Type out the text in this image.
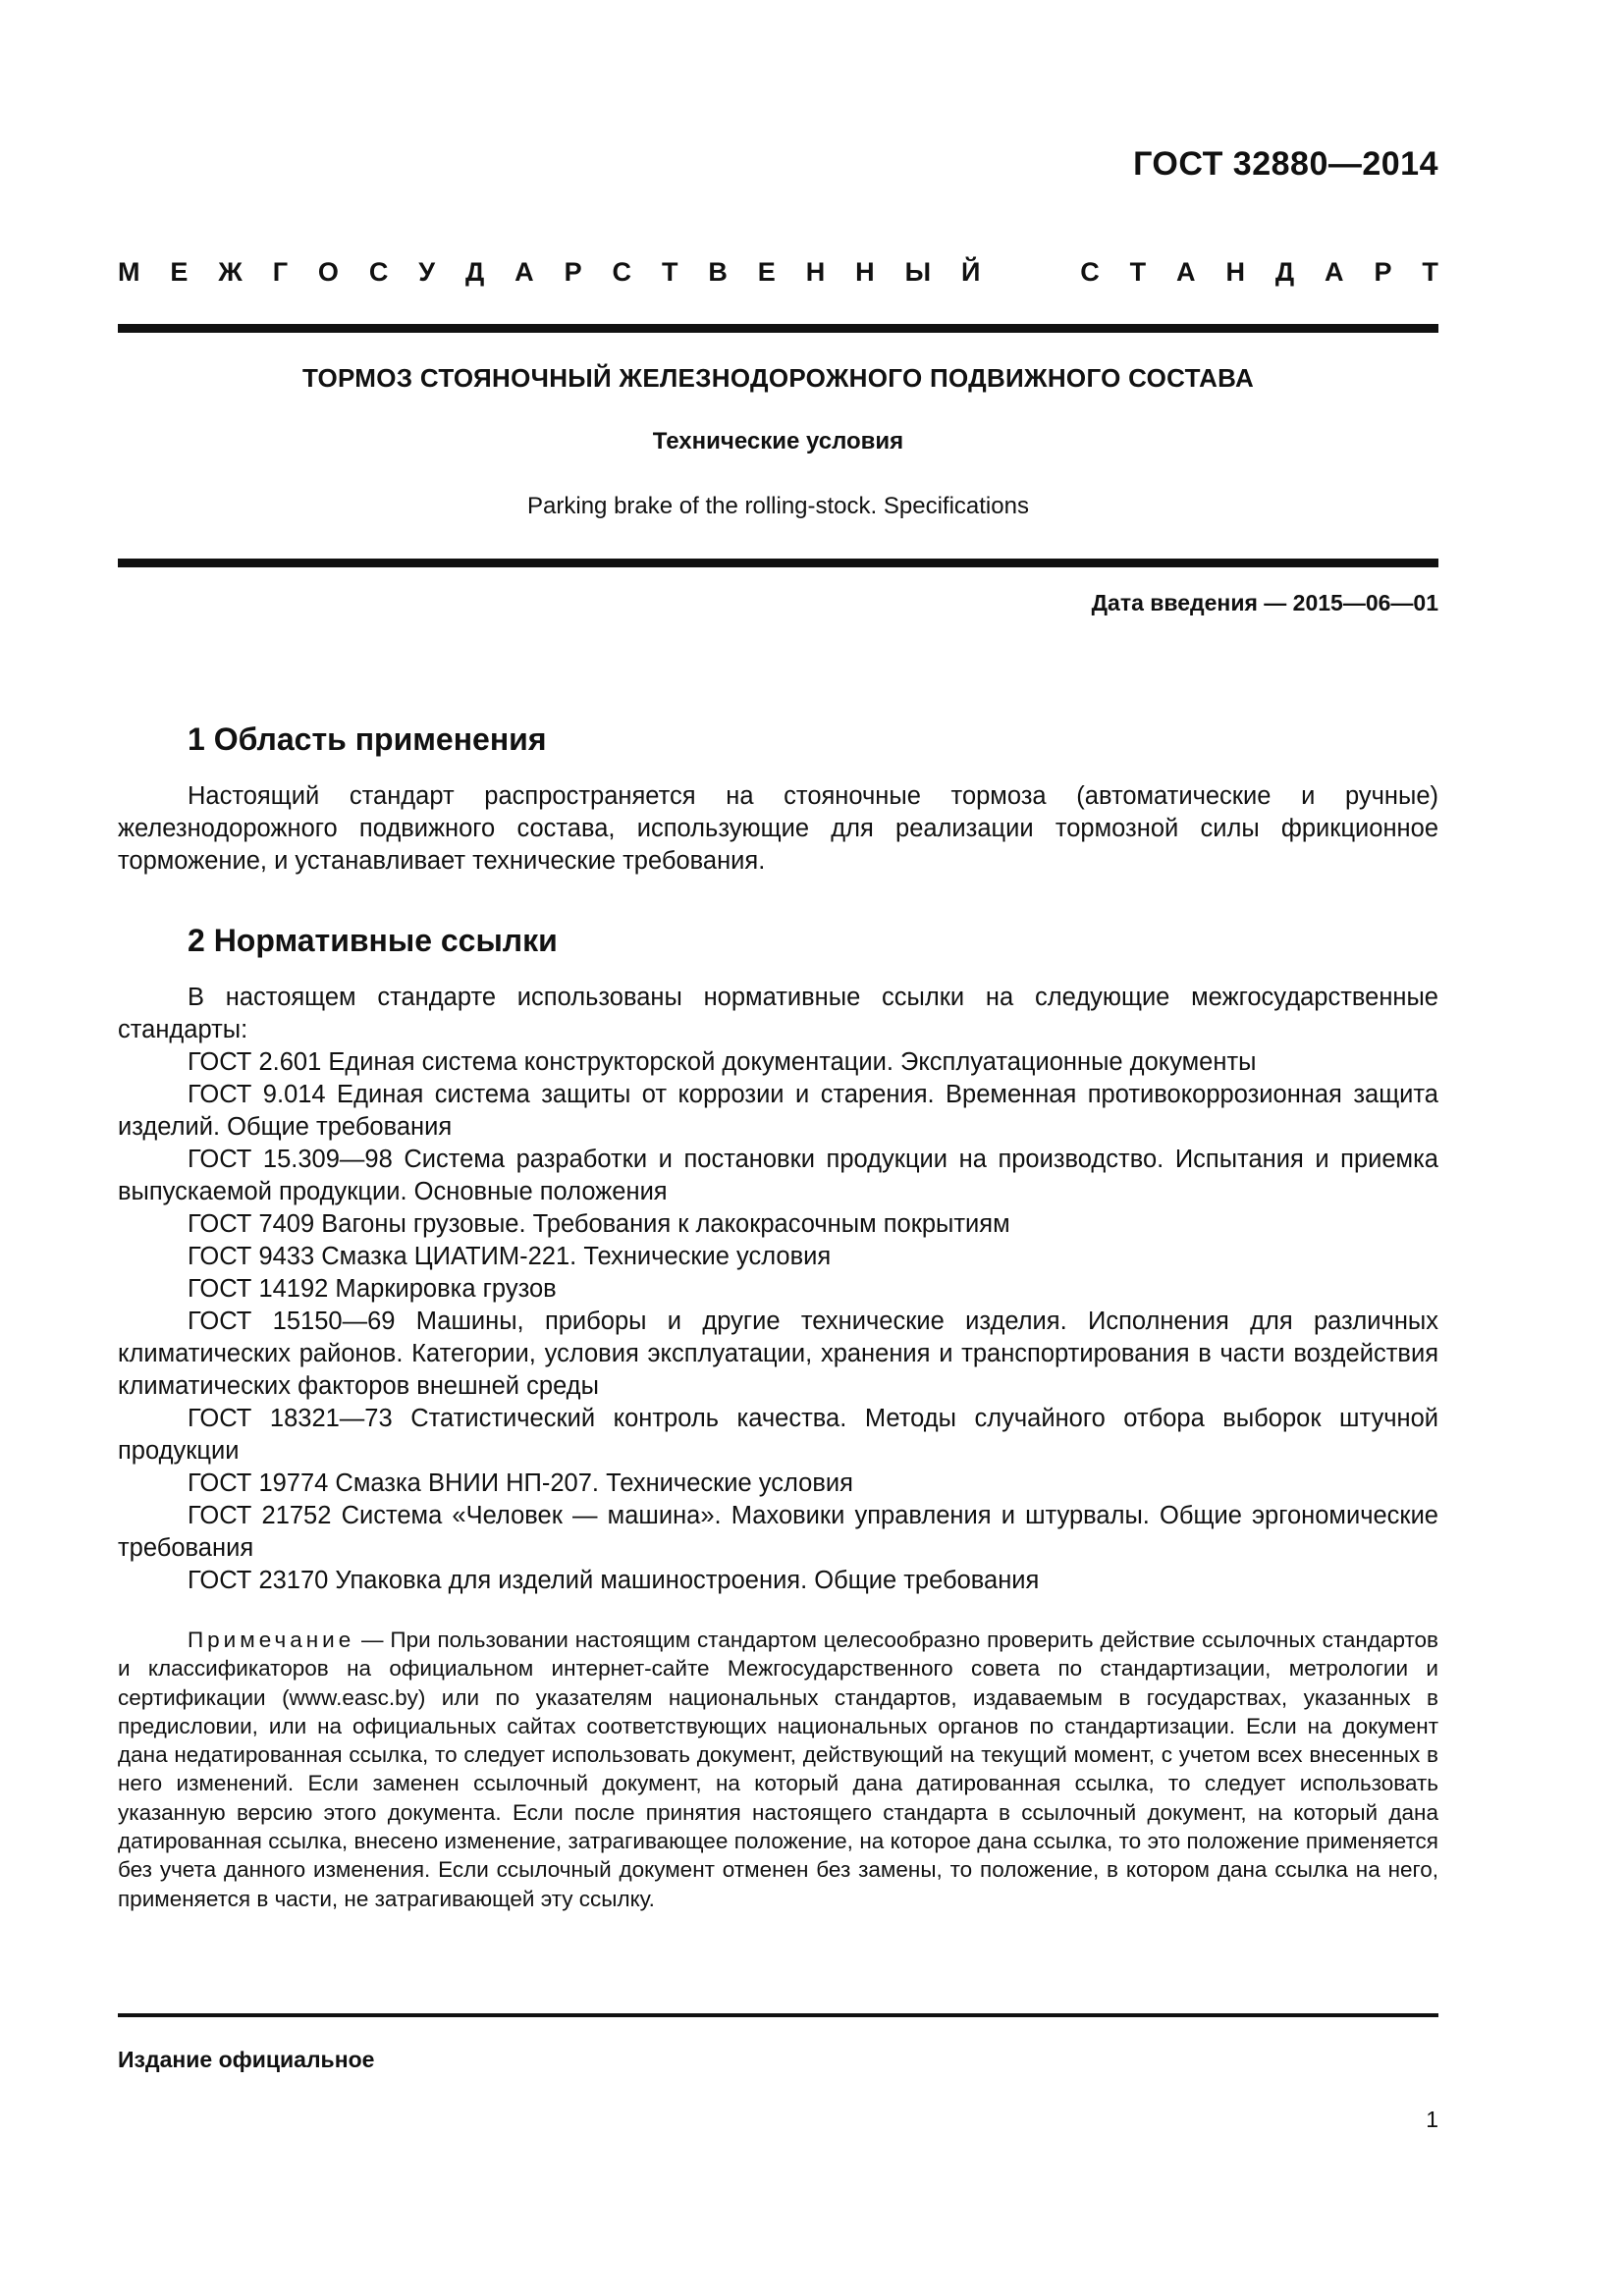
ГОСТ 32880—2014
М Е Ж Г О С У Д А Р С Т В Е Н Н Ы Й	С Т А Н Д А Р Т
ТОРМОЗ СТОЯНОЧНЫЙ ЖЕЛЕЗНОДОРОЖНОГО ПОДВИЖНОГО СОСТАВА
Технические условия
Parking brake of the rolling-stock. Specifications
Дата введения — 2015—06—01
1 Область применения

Настоящий стандарт распространяется на стояночные тормоза (автоматические и ручные) железнодорожного подвижного состава, использующие для реализации тормозной силы фрикционное торможение, и устанавливает технические требования.

2 Нормативные ссылки

В настоящем стандарте использованы нормативные ссылки на следующие межгосударственные стандарты:

ГОСТ 2.601 Единая система конструкторской документации. Эксплуатационные документы

ГОСТ 9.014 Единая система защиты от коррозии и старения. Временная противокоррозионная защита изделий. Общие требования

ГОСТ 15.309—98 Система разработки и постановки продукции на производство. Испытания и приемка выпускаемой продукции. Основные положения

ГОСТ 7409 Вагоны грузовые. Требования к лакокрасочным покрытиям

ГОСТ 9433 Смазка ЦИАТИМ-221. Технические условия

ГОСТ 14192 Маркировка грузов

ГОСТ 15150—69 Машины, приборы и другие технические изделия. Исполнения для различных климатических районов. Категории, условия эксплуатации, хранения и транспортирования в части воздействия климатических факторов внешней среды

ГОСТ 18321—73 Статистический контроль качества. Методы случайного отбора выборок штучной продукции

ГОСТ 19774 Смазка ВНИИ НП-207. Технические условия

ГОСТ 21752 Система «Человек — машина». Маховики управления и штурвалы. Общие эргономические требования

ГОСТ 23170 Упаковка для изделий машиностроения. Общие требования

Примечание — При пользовании настоящим стандартом целесообразно проверить действие ссылочных стандартов и классификаторов на официальном интернет-сайте Межгосударственного совета по стандартизации, метрологии и сертификации (www.easc.by) или по указателям национальных стандартов, издаваемым в государствах, указанных в предисловии, или на официальных сайтах соответствующих национальных органов по стандартизации. Если на документ дана недатированная ссылка, то следует использовать документ, действующий на текущий момент, с учетом всех внесенных в него изменений. Если заменен ссылочный документ, на который дана датированная ссылка, то следует использовать указанную версию этого документа. Если после принятия настоящего стандарта в ссылочный документ, на который дана датированная ссылка, внесено изменение, затрагивающее положение, на которое дана ссылка, то это положение применяется без учета данного изменения. Если ссылочный документ отменен без замены, то положение, в котором дана ссылка на него, применяется в части, не затрагивающей эту ссылку.

Издание официальное
1
